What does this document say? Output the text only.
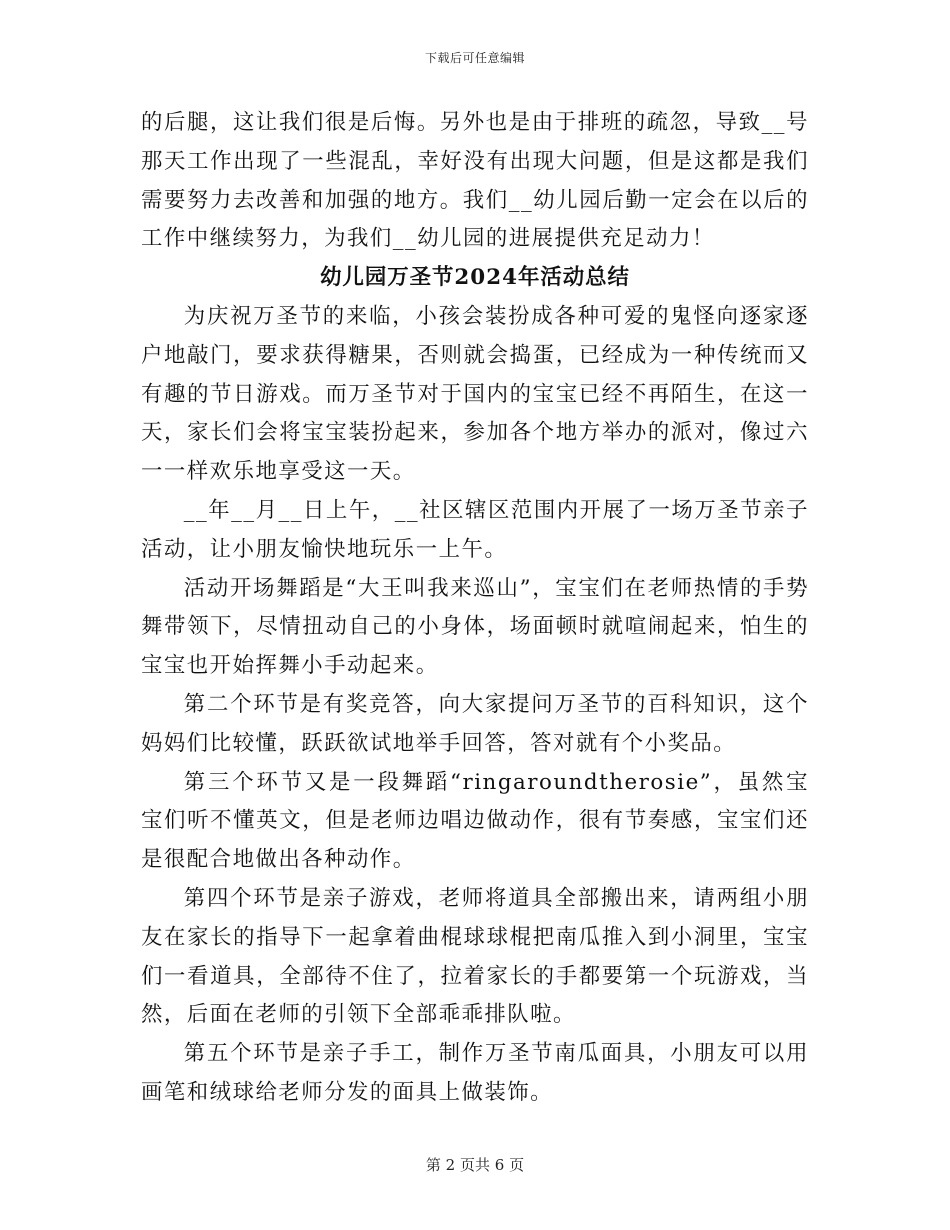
下载后可任意编辑

的后腿，这让我们很是后悔。另外也是由于排班的疏忽，导致__号那天工作出现了一些混乱，幸好没有出现大问题，但是这都是我们需要努力去改善和加强的地方。我们__幼儿园后勤一定会在以后的工作中继续努力，为我们__幼儿园的进展提供充足动力！

幼儿园万圣节2024年活动总结

为庆祝万圣节的来临，小孩会装扮成各种可爱的鬼怪向逐家逐户地敲门，要求获得糖果，否则就会捣蛋，已经成为一种传统而又有趣的节日游戏。而万圣节对于国内的宝宝已经不再陌生，在这一天，家长们会将宝宝装扮起来，参加各个地方举办的派对，像过六一一样欢乐地享受这一天。

__年__月__日上午，__社区辖区范围内开展了一场万圣节亲子活动，让小朋友愉快地玩乐一上午。

活动开场舞蹈是“大王叫我来巡山”，宝宝们在老师热情的手势舞带领下，尽情扭动自己的小身体，场面顿时就喧闹起来，怕生的宝宝也开始挥舞小手动起来。

第二个环节是有奖竞答，向大家提问万圣节的百科知识，这个妈妈们比较懂，跃跃欲试地举手回答，答对就有个小奖品。

第三个环节又是一段舞蹈“ringaroundtherosie”，虽然宝宝们听不懂英文，但是老师边唱边做动作，很有节奏感，宝宝们还是很配合地做出各种动作。

第四个环节是亲子游戏，老师将道具全部搬出来，请两组小朋友在家长的指导下一起拿着曲棍球球棍把南瓜推入到小洞里，宝宝们一看道具，全部待不住了，拉着家长的手都要第一个玩游戏，当然，后面在老师的引领下全部乖乖排队啦。

第五个环节是亲子手工，制作万圣节南瓜面具，小朋友可以用画笔和绒球给老师分发的面具上做装饰。

第 2 页共 6 页
